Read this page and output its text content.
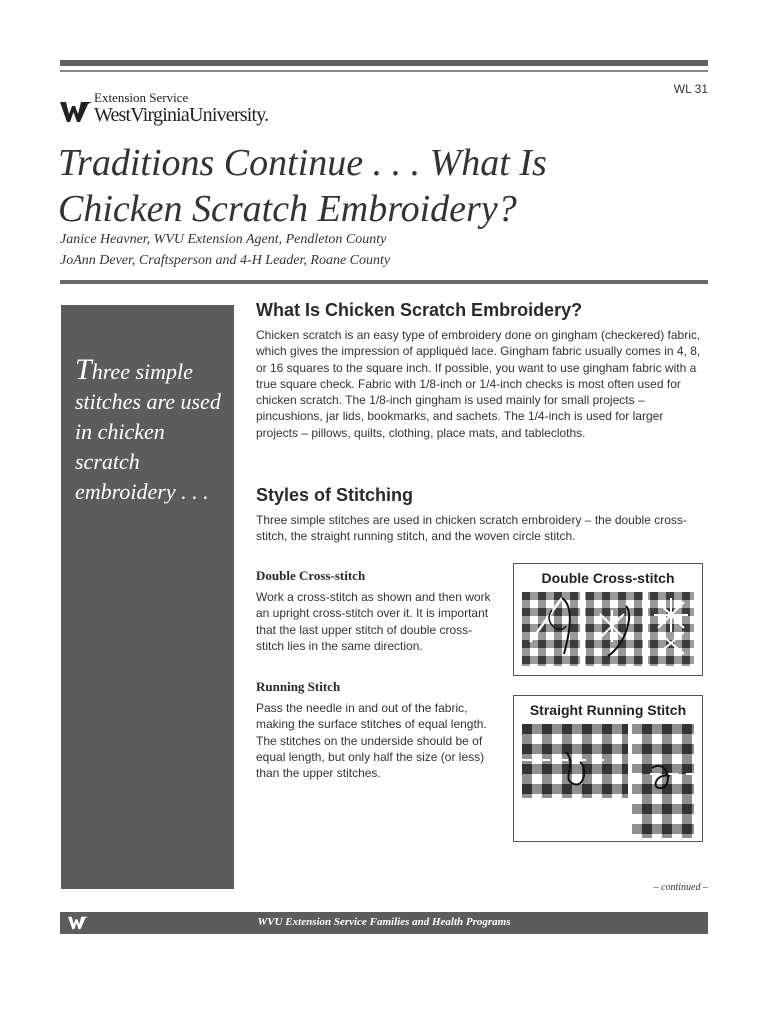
WL 31
Extension Service
WestVirginiaUniversity.
Traditions Continue . . . What Is
Chicken Scratch Embroidery?
Janice Heavner, WVU Extension Agent, Pendleton County
JoAnn Dever, Craftsperson and 4-H Leader, Roane County
Three simple stitches are used in chicken scratch embroidery . . .
What Is Chicken Scratch Embroidery?
Chicken scratch is an easy type of embroidery done on gingham (checkered) fabric, which gives the impression of appliquéd lace. Gingham fabric usually comes in 4, 8, or 16 squares to the square inch. If possible, you want to use gingham fabric with a true square check. Fabric with 1/8-inch or 1/4-inch checks is most often used for chicken scratch. The 1/8-inch gingham is used mainly for small projects – pincushions, jar lids, bookmarks, and sachets. The 1/4-inch is used for larger projects – pillows, quilts, clothing, place mats, and tablecloths.
Styles of Stitching
Three simple stitches are used in chicken scratch embroidery – the double cross-stitch, the straight running stitch, and the woven circle stitch.
Double Cross-stitch
Work a cross-stitch as shown and then work an upright cross-stitch over it. It is important that the last upper stitch of double cross-stitch lies in the same direction.
Running Stitch
Pass the needle in and out of the fabric, making the surface stitches of equal length. The stitches on the underside should be of equal length, but only half the size (or less) than the upper stitches.
Double Cross-stitch
Straight Running Stitch
– continued –
WVU Extension Service Families and Health Programs
